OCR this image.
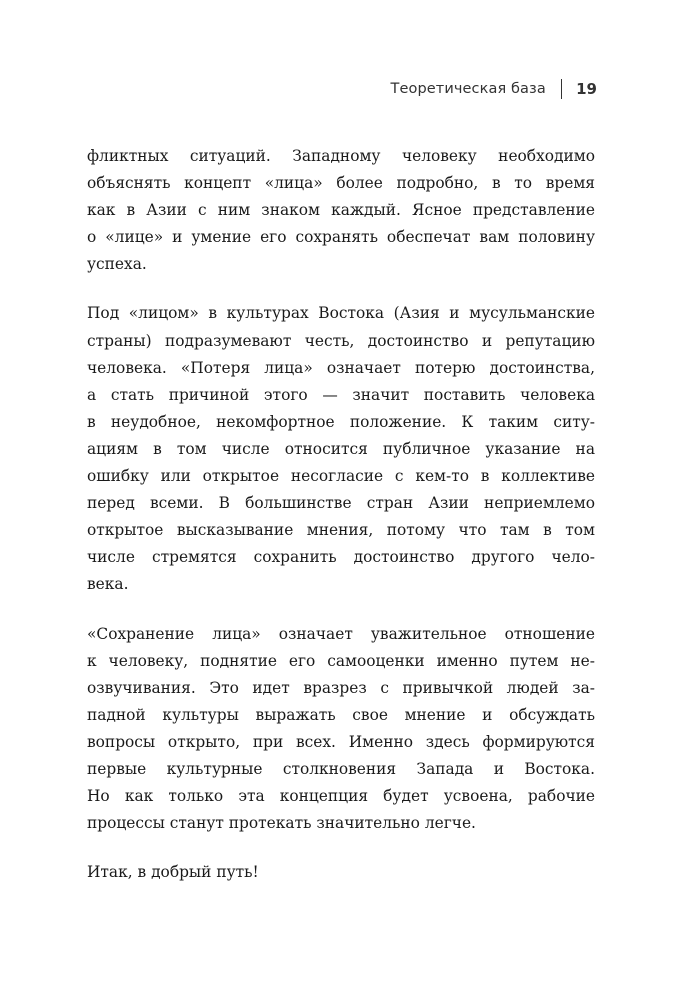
Теоретическая база 19

фликтных ситуаций. Западному человеку необходимо
объяснять концепт «лица» более подробно, в то время
как в Азии с ним знаком каждый. Ясное представление
о «лице» и умение его сохранять обеспечат вам половину
успеха.

Под «лицом» в культурах Востока (Азия и мусульманские
страны) подразумевают честь, достоинство и репутацию
человека. «Потеря лица» означает потерю достоинства,
а стать причиной этого — значит поставить человека
в неудобное, некомфортное положение. К таким ситу-
ациям в том числе относится публичное указание на
ошибку или открытое несогласие с кем-то в коллективе
перед всеми. В большинстве стран Азии неприемлемо
открытое высказывание мнения, потому что там в том
числе стремятся сохранить достоинство другого чело-
века.

«Сохранение лица» означает уважительное отношение
к человеку, поднятие его самооценки именно путем не-
озвучивания. Это идет вразрез с привычкой людей за-
падной культуры выражать свое мнение и обсуждать
вопросы открыто, при всех. Именно здесь формируются
первые культурные столкновения Запада и Востока.
Но как только эта концепция будет усвоена, рабочие
процессы станут протекать значительно легче.

Итак, в добрый путь!
